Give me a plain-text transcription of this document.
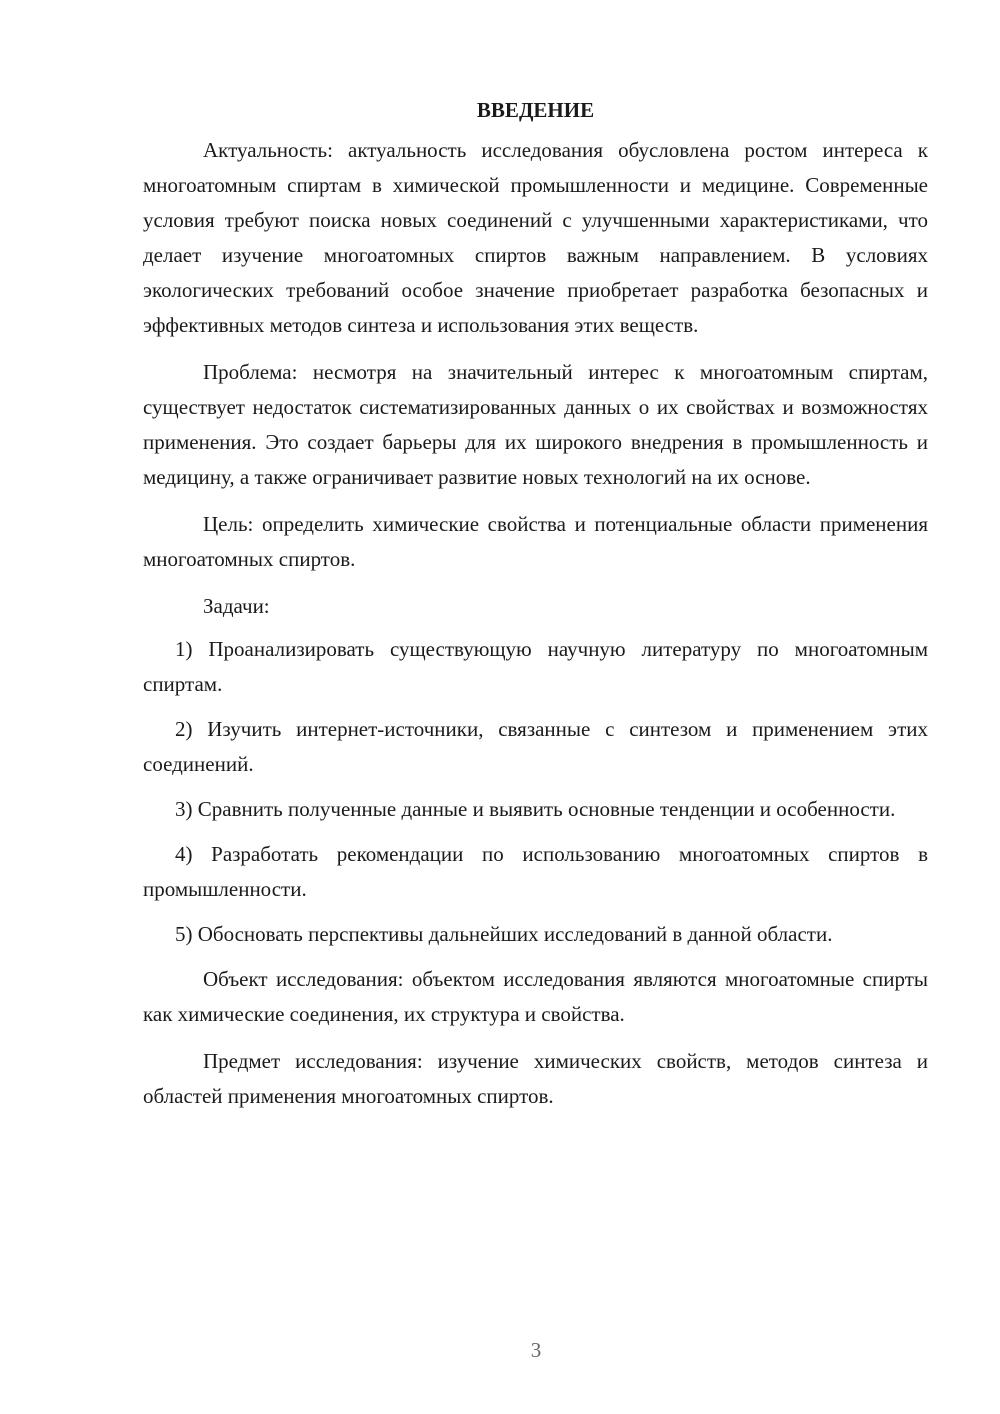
ВВЕДЕНИЕ

Актуальность: актуальность исследования обусловлена ростом интереса к многоатомным спиртам в химической промышленности и медицине. Современные условия требуют поиска новых соединений с улучшенными характеристиками, что делает изучение многоатомных спиртов важным направлением. В условиях экологических требований особое значение приобретает разработка безопасных и эффективных методов синтеза и использования этих веществ.

Проблема: несмотря на значительный интерес к многоатомным спиртам, существует недостаток систематизированных данных о их свойствах и возможностях применения. Это создает барьеры для их широкого внедрения в промышленность и медицину, а также ограничивает развитие новых технологий на их основе.

Цель: определить химические свойства и потенциальные области применения многоатомных спиртов.

Задачи:

1) Проанализировать существующую научную литературу по многоатомным спиртам.

2) Изучить интернет-источники, связанные с синтезом и применением этих соединений.

3) Сравнить полученные данные и выявить основные тенденции и особенности.

4) Разработать рекомендации по использованию многоатомных спиртов в промышленности.

5) Обосновать перспективы дальнейших исследований в данной области.

Объект исследования: объектом исследования являются многоатомные спирты как химические соединения, их структура и свойства.

Предмет исследования: изучение химических свойств, методов синтеза и областей применения многоатомных спиртов.

3
